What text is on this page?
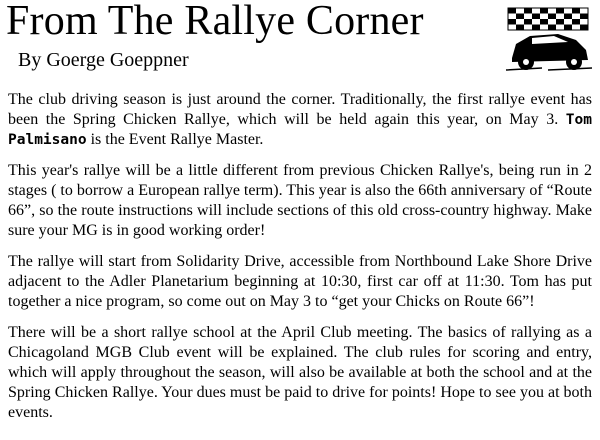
From The Rallye Corner
By Goerge Goeppner

The club driving season is just around the corner. Traditionally, the first rallye event has been the Spring Chicken Rallye, which will be held again this year, on May 3. Tom Palmisano is the Event Rallye Master.

This year's rallye will be a little different from previous Chicken Rallye's, being run in 2 stages ( to borrow a European rallye term). This year is also the 66th anniversary of “Route 66”, so the route instructions will include sections of this old cross-country highway. Make sure your MG is in good working order!

The rallye will start from Solidarity Drive, accessible from Northbound Lake Shore Drive adjacent to the Adler Planetarium beginning at 10:30, first car off at 11:30. Tom has put together a nice program, so come out on May 3 to “get your Chicks on Route 66”!

There will be a short rallye school at the April Club meeting. The basics of rallying as a Chicagoland MGB Club event will be explained. The club rules for scoring and entry, which will apply throughout the season, will also be available at both the school and at the Spring Chicken Rallye. Your dues must be paid to drive for points! Hope to see you at both events.
